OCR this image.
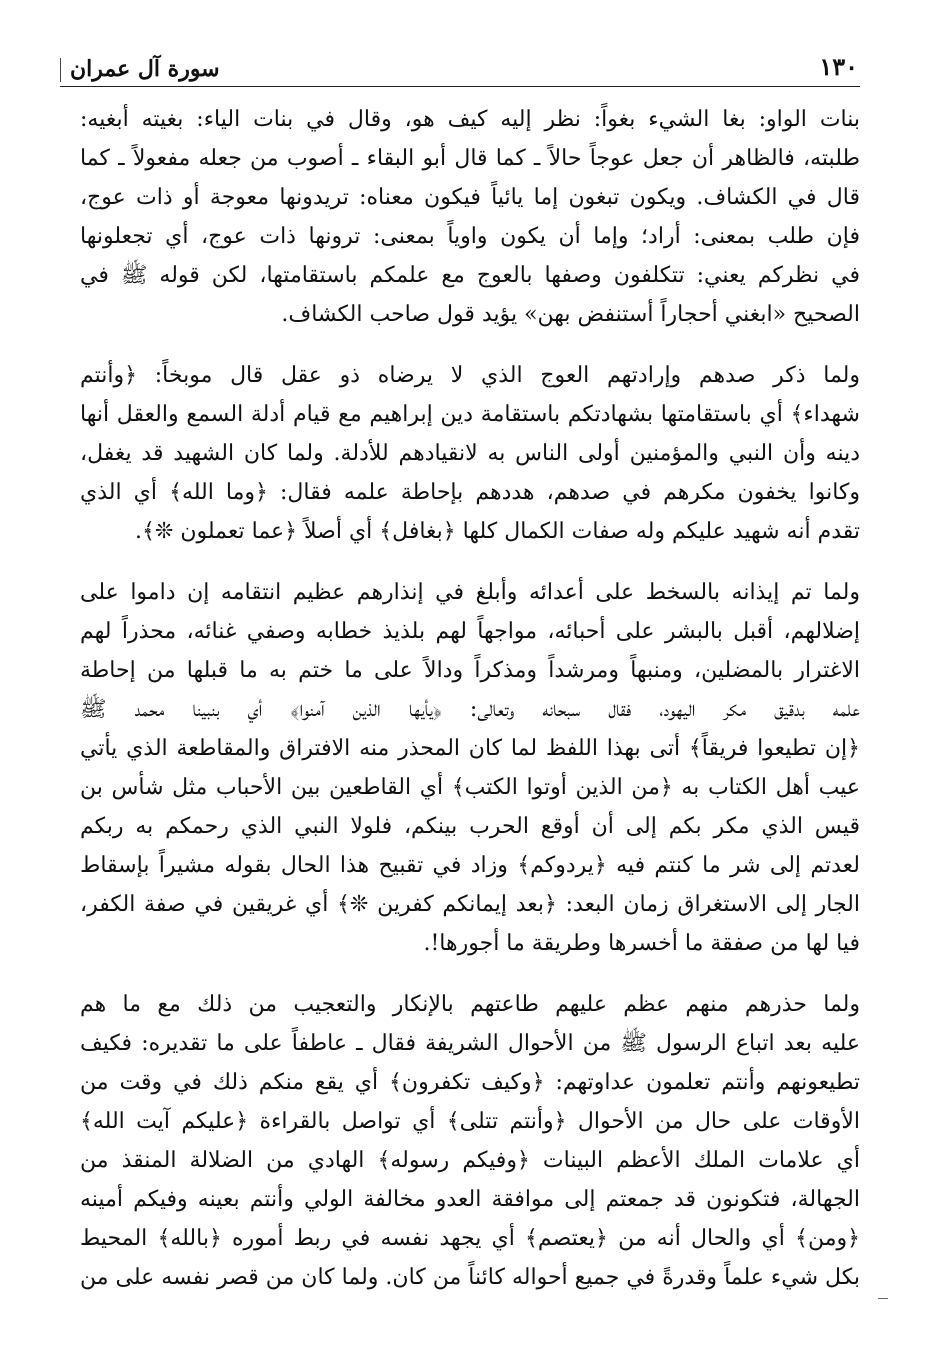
١٣٠
سورة آل عمران
بنات الواو: بغا الشيء بغواً: نظر إليه كيف هو، وقال في بنات الياء: بغيته أبغيه:
طلبته، فالظاهر أن جعل عوجاً حالاً ـ كما قال أبو البقاء ـ أصوب من جعله مفعولاً ـ كما
قال في الكشاف. ويكون تبغون إما يائياً فيكون معناه: تريدونها معوجة أو ذات عوج،
فإن طلب بمعنى: أراد؛ وإما أن يكون واوياً بمعنى: ترونها ذات عوج، أي تجعلونها
في نظركم يعني: تتكلفون وصفها بالعوج مع علمكم باستقامتها، لكن قوله ﷺ في
الصحيح «ابغني أحجاراً أستنفض بهن» يؤيد قول صاحب الكشاف.
ولما ذكر صدهم وإرادتهم العوج الذي لا يرضاه ذو عقل قال موبخاً: ﴿وأنتم
شهداء﴾ أي باستقامتها بشهادتكم باستقامة دين إبراهيم مع قيام أدلة السمع والعقل أنها
دينه وأن النبي والمؤمنين أولى الناس به لانقيادهم للأدلة. ولما كان الشهيد قد يغفل،
وكانوا يخفون مكرهم في صدهم، هددهم بإحاطة علمه فقال: ﴿وما الله﴾ أي الذي
تقدم أنه شهيد عليكم وله صفات الكمال كلها ﴿بغافل﴾ أي أصلاً ﴿عما تعملون ❊﴾.
ولما تم إيذانه بالسخط على أعدائه وأبلغ في إنذارهم عظيم انتقامه إن داموا على
إضلالهم، أقبل بالبشر على أحبائه، مواجهاً لهم بلذيذ خطابه وصفي غنائه، محذراً لهم
الاغترار بالمضلين، ومنبهاً ومرشداً ومذكراً ودالاً على ما ختم به ما قبلها من إحاطة
علمه بدقيق مكر اليهود، فقال سبحانه وتعالى: ﴿يأيها الذين آمنوا﴾ أي بنبينا محمد ﷺ
﴿إن تطيعوا فريقاً﴾ أتى بهذا اللفظ لما كان المحذر منه الافتراق والمقاطعة الذي يأتي
عيب أهل الكتاب به ﴿من الذين أوتوا الكتب﴾ أي القاطعين بين الأحباب مثل شأس بن
قيس الذي مكر بكم إلى أن أوقع الحرب بينكم، فلولا النبي الذي رحمكم به ربكم
لعدتم إلى شر ما كنتم فيه ﴿يردوكم﴾ وزاد في تقبيح هذا الحال بقوله مشيراً بإسقاط
الجار إلى الاستغراق زمان البعد: ﴿بعد إيمانكم كفرين ❊﴾ أي غريقين في صفة الكفر،
فيا لها من صفقة ما أخسرها وطريقة ما أجورها!.
ولما حذرهم منهم عظم عليهم طاعتهم بالإنكار والتعجيب من ذلك مع ما هم
عليه بعد اتباع الرسول ﷺ من الأحوال الشريفة فقال ـ عاطفاً على ما تقديره: فكيف
تطيعونهم وأنتم تعلمون عداوتهم: ﴿وكيف تكفرون﴾ أي يقع منكم ذلك في وقت من
الأوقات على حال من الأحوال ﴿وأنتم تتلى﴾ أي تواصل بالقراءة ﴿عليكم آيت الله﴾
أي علامات الملك الأعظم البينات ﴿وفيكم رسوله﴾ الهادي من الضلالة المنقذ من
الجهالة، فتكونون قد جمعتم إلى موافقة العدو مخالفة الولي وأنتم بعينه وفيكم أمينه
﴿ومن﴾ أي والحال أنه من ﴿يعتصم﴾ أي يجهد نفسه في ربط أموره ﴿بالله﴾ المحيط
بكل شيء علماً وقدرةً في جميع أحواله كائناً من كان. ولما كان من قصر نفسه على من
